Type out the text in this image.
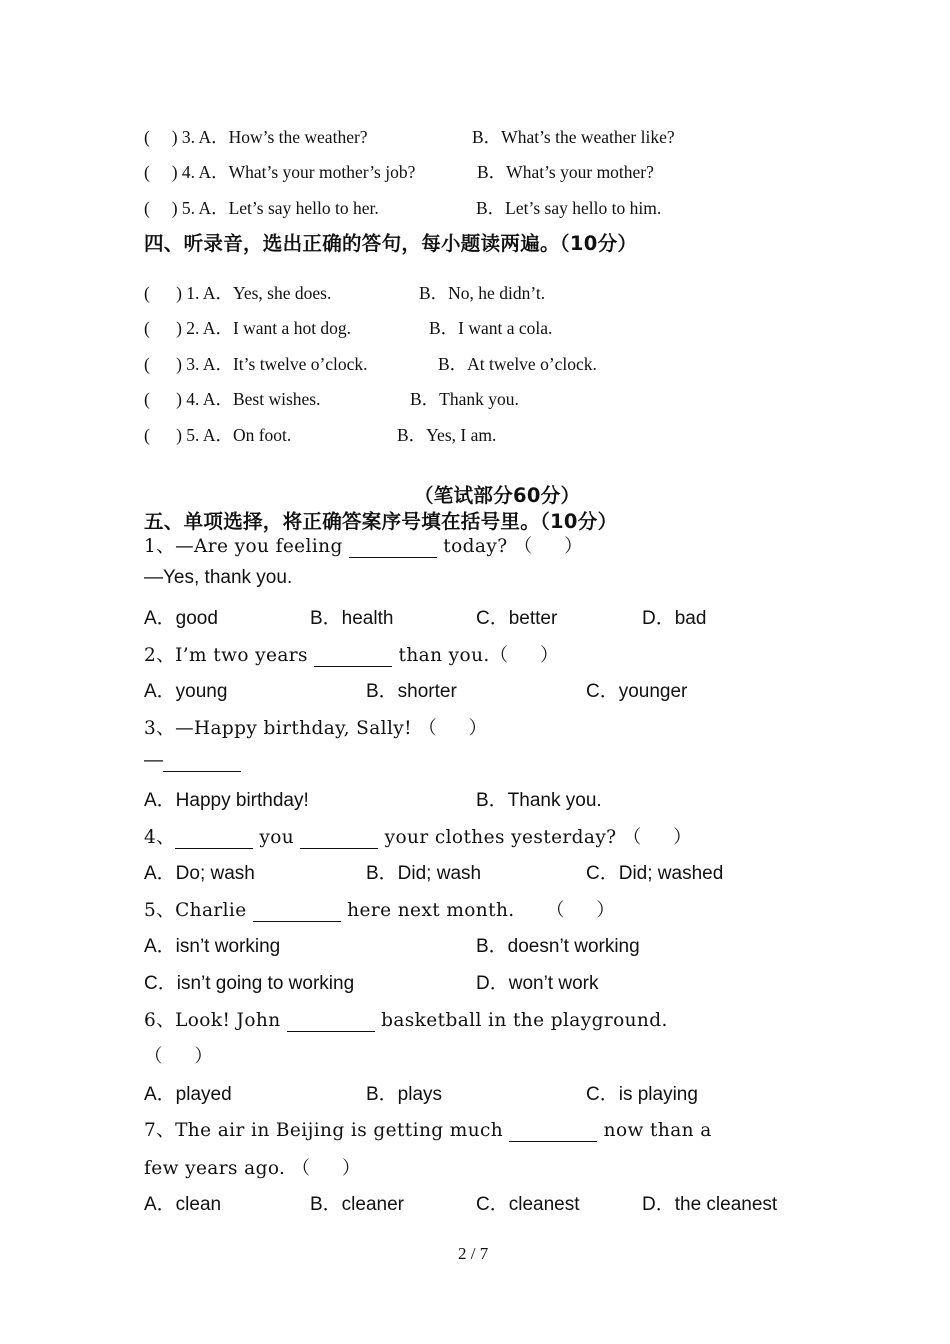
(     ) 3. A．How’s the weather?	B．What’s the weather like?
(     ) 4. A．What’s your mother’s job?	B．What’s your mother?
(     ) 5. A．Let’s say hello to her.	B．Let’s say hello to him.
四、听录音，选出正确的答句，每小题读两遍。（10分）
(      ) 1. A．Yes, she does.	B．No, he didn’t.
(      ) 2. A．I want a hot dog.	B．I want a cola.
(      ) 3. A．It’s twelve o’clock.	B．At twelve o’clock.
(      ) 4. A．Best wishes.	B．Thank you.
(      ) 5. A．On foot.	B．Yes, I am.
（笔试部分60分）
五、单项选择，将正确答案序号填在括号里。（10分）
1、—Are you feeling	today? （     ）
—Yes, thank you.
A．good	B．health	C．better	D．bad
2、I’m two years	than you.（     ）
A．young	B．shorter	C．younger
3、—Happy birthday, Sally! （     ）
—
A．Happy birthday!	B．Thank you.
4、	you	your clothes yesterday? （     ）
A．Do; wash	B．Did; wash	C．Did; washed
5、Charlie	here next month.     （     ）
A．isn’t working	B．doesn’t working
C．isn’t going to working	D．won’t work
6、Look! John	basketball in the playground.
（     ）
A．played	B．plays	C．is playing
7、The air in Beijing is getting much	now than a
few years ago. （     ）
A．clean	B．cleaner	C．cleanest	D．the cleanest
2 / 7
